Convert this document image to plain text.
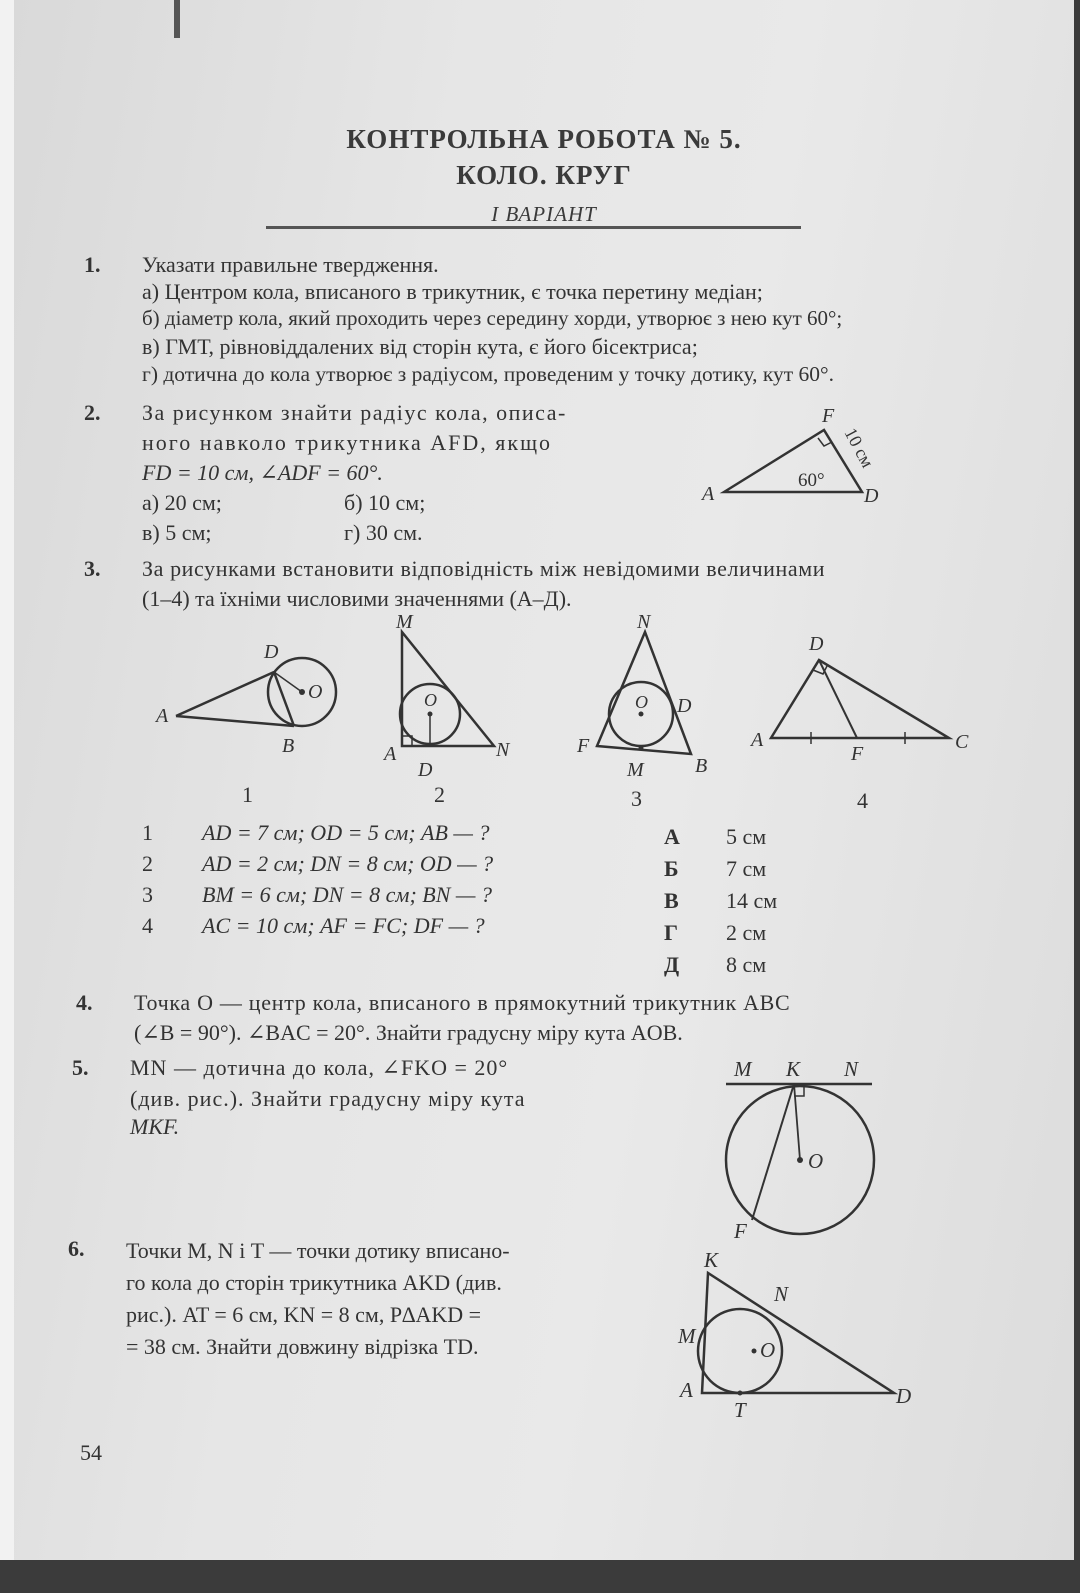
КОНТРОЛЬНА РОБОТА № 5.
КОЛО. КРУГ
I ВАРІАНТ
1. Указати правильне твердження.
а) Центром кола, вписаного в трикутник, є точка перетину медіан;
б) діаметр кола, який проходить через середину хорди, утворює з нею кут 60°;
в) ГМТ, рівновіддалених від сторін кута, є його бісектриса;
г) дотична до кола утворює з радіусом, проведеним у точку дотику, кут 60°.
2. За рисунком знайти радіус кола, описа-
ного навколо трикутника AFD, якщо
FD = 10 см, ∠ADF = 60°.
а) 20 см;	б) 10 см;
в) 5 см;	г) 30 см.
F
A	D
60°
10 см
3. За рисунками встановити відповідність між невідомими величинами
(1–4) та їхніми числовими значеннями (А–Д).
A
D
O
B
1
M
A
D
N
O
2
N
F
M	B
D
O
3
D
A
F
C
4
1 AD = 7 см; OD = 5 см; AB — ?
2 AD = 2 см; DN = 8 см; OD — ?
3 BM = 6 см; DN = 8 см; BN — ?
4 AC = 10 см; AF = FC; DF — ?
А 5 см
Б 7 см
В 14 см
Г 2 см
Д 8 см
4. Точка O — центр кола, вписаного в прямокутний трикутник ABC
(∠B = 90°). ∠BAC = 20°. Знайти градусну міру кута AOB.
5. MN — дотична до кола, ∠FKO = 20°
(див. рис.). Знайти градусну міру кута
MKF.
M K N
O
F
6. Точки M, N і T — точки дотику вписано-
го кола до сторін трикутника AKD (див.
рис.). AT = 6 см, KN = 8 см, P∆AKD =
= 38 см. Знайти довжину відрізка TD.
K
N
M
O
A
T
D
54
